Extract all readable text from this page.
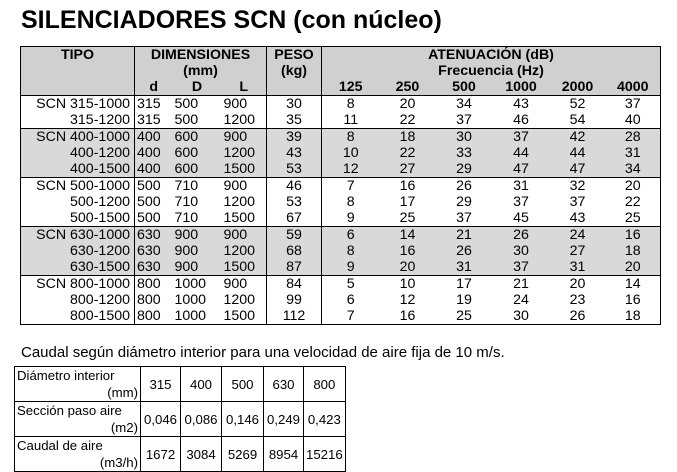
SILENCIADORES SCN (con núcleo)
TIPO	DIMENSIONES			PESO	ATENUACIÓN (dB)					
	(mm)			(kg)	Frecuencia (Hz)					
	d	D	L		125	250	500	1000	2000	4000
SCN 315-1000	315	500	900	30	8	20	34	43	52	37
315-1200	315	500	1200	35	11	22	37	46	54	40
SCN 400-1000	400	600	900	39	8	18	30	37	42	28
400-1200	400	600	1200	43	10	22	33	44	44	31
400-1500	400	600	1500	53	12	27	29	47	47	34
SCN 500-1000	500	710	900	46	7	16	26	31	32	20
500-1200	500	710	1200	53	8	17	29	37	37	22
500-1500	500	710	1500	67	9	25	37	45	43	25
SCN 630-1000	630	900	900	59	6	14	21	26	24	16
630-1200	630	900	1200	68	8	16	26	30	27	18
630-1500	630	900	1500	87	9	20	31	37	31	20
SCN 800-1000	800	1000	900	84	5	10	17	21	20	14
800-1200	800	1000	1200	99	6	12	19	24	23	16
800-1500	800	1000	1500	112	7	16	25	30	26	18
Caudal según diámetro interior para una velocidad de aire fija de 10 m/s.
Diámetro interior
(mm)	315	400	500	630	800
Sección paso aire
(m2)	0,046	0,086	0,146	0,249	0,423
Caudal de aire
(m3/h)	1672	3084	5269	8954	15216
